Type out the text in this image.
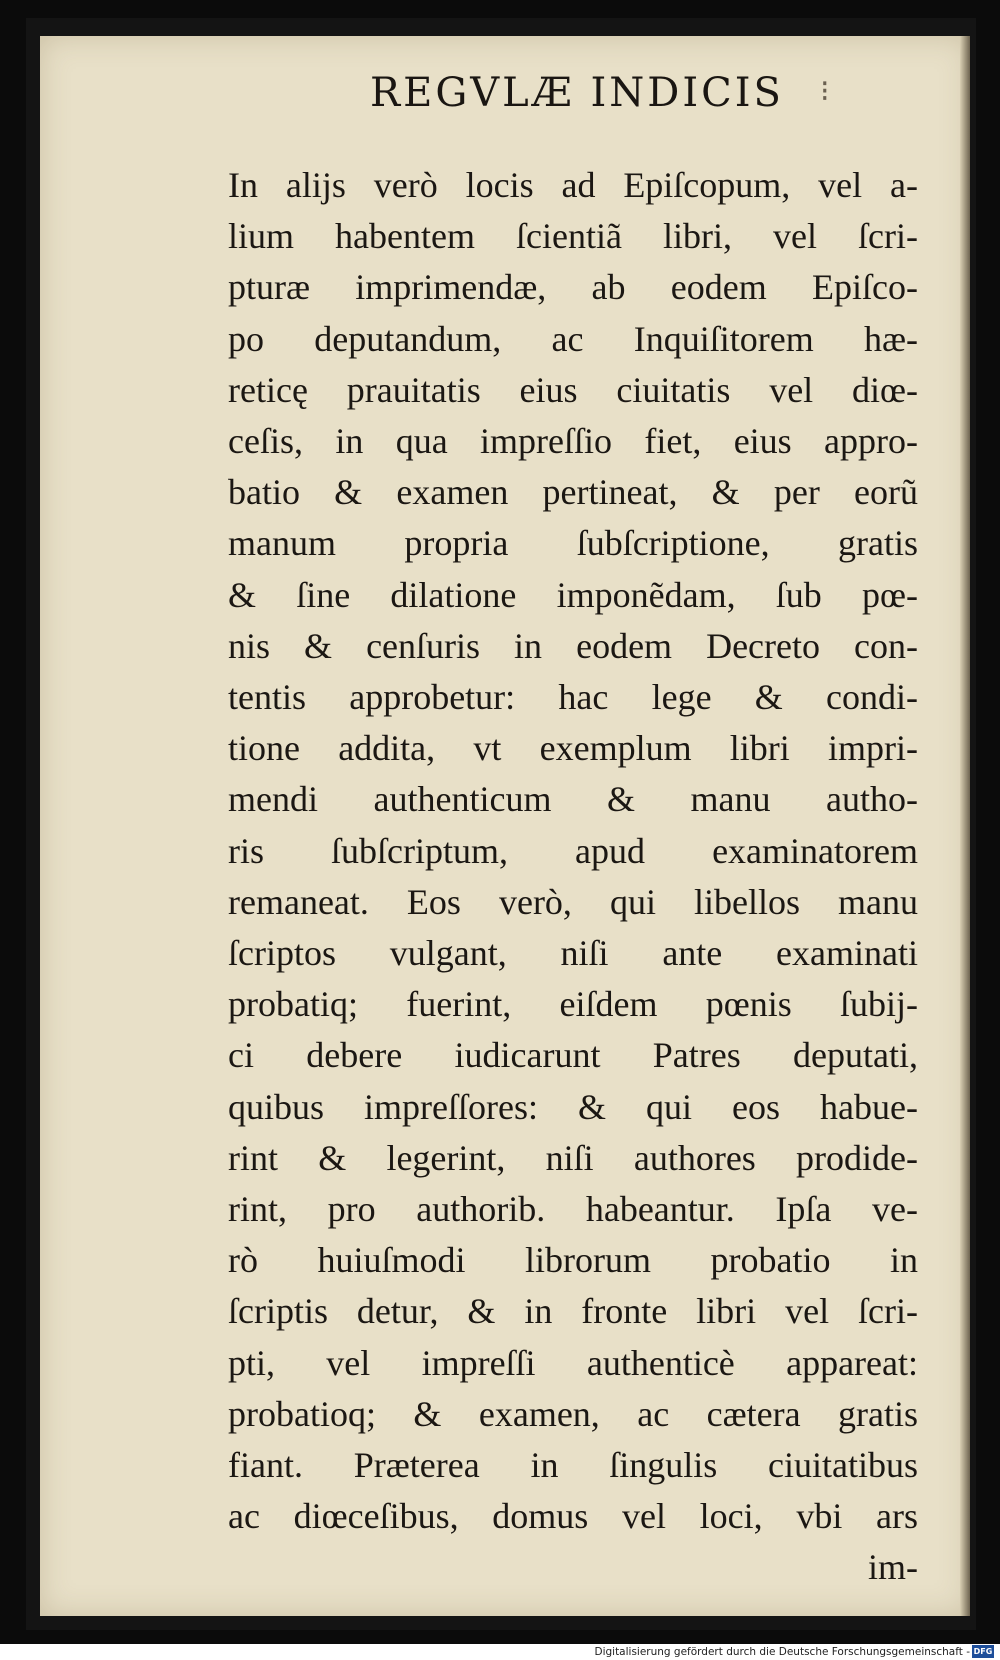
REGVLÆ INDICIS ⁝
In alijs verò locis ad Epiſcopum, vel a-
lium habentem ſcientiã libri, vel ſcri-
pturæ imprimendæ, ab eodem Epiſco-
po deputandum, ac Inquiſitorem hæ-
reticę prauitatis eius ciuitatis vel diœ-
ceſis, in qua impreſſio fiet, eius appro-
batio & examen pertineat, & per eorũ
manum propria ſubſcriptione, gratis
& ſine dilatione imponẽdam, ſub pœ-
nis & cenſuris in eodem Decreto con-
tentis approbetur: hac lege & condi-
tione addita, vt exemplum libri impri-
mendi authenticum & manu autho-
ris ſubſcriptum, apud examinatorem
remaneat. Eos verò, qui libellos manu
ſcriptos vulgant, niſi ante examinati
probatiq; fuerint, eiſdem pœnis ſubij-
ci debere iudicarunt Patres deputati,
quibus impreſſores: & qui eos habue-
rint & legerint, niſi authores prodide-
rint, pro authorib. habeantur. Ipſa ve-
rò huiuſmodi librorum probatio in
ſcriptis detur, & in fronte libri vel ſcri-
pti, vel impreſſi authenticè appareat:
probatioq; & examen, ac cætera gratis
fiant. Præterea in ſingulis ciuitatibus
ac diœceſibus, domus vel loci, vbi ars
im-
Digitalisierung gefördert durch die Deutsche Forschungsgemeinschaft - DFG
